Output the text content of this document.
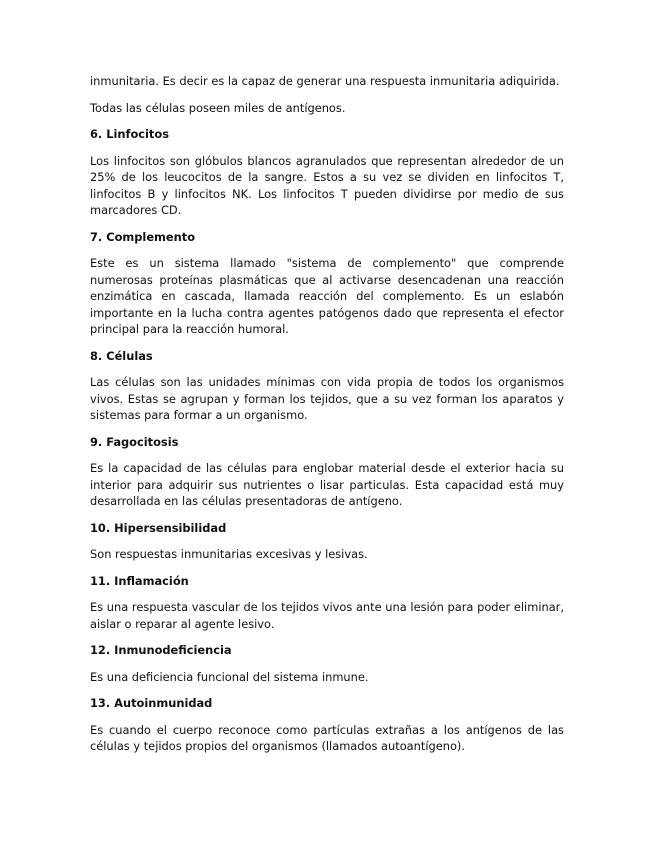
inmunitaria. Es decir es la capaz de generar una respuesta inmunitaria adiquirida.

Todas las células poseen miles de antígenos.

6. Linfocitos

Los linfocitos son glóbulos blancos agranulados que representan alrededor de un 25% de los leucocitos de la sangre. Estos a su vez se dividen en linfocitos T, linfocitos B y linfocitos NK. Los linfocitos T pueden dividirse por medio de sus marcadores CD.

7. Complemento

Este es un sistema llamado "sistema de complemento" que comprende numerosas proteínas plasmáticas que al activarse desencadenan una reacción enzimática en cascada, llamada reacción del complemento. Es un eslabón importante en la lucha contra agentes patógenos dado que representa el efector principal para la reacción humoral.

8. Células

Las células son las unidades mínimas con vida propia de todos los organismos vivos. Estas se agrupan y forman los tejidos, que a su vez forman los aparatos y sistemas para formar a un organismo.

9. Fagocitosis

Es la capacidad de las células para englobar material desde el exterior hacia su interior para adquirir sus nutrientes o lisar particulas. Esta capacidad está muy desarrollada en las células presentadoras de antígeno.

10. Hipersensibilidad

Son respuestas inmunitarias excesivas y lesivas.

11. Inflamación

Es una respuesta vascular de los tejidos vivos ante una lesión para poder eliminar, aislar o reparar al agente lesivo.

12. Inmunodeficiencia

Es una deficiencia funcional del sistema inmune.

13. Autoinmunidad

Es cuando el cuerpo reconoce como partículas extrañas a los antígenos de las células y tejidos propios del organismos (llamados autoantígeno).
